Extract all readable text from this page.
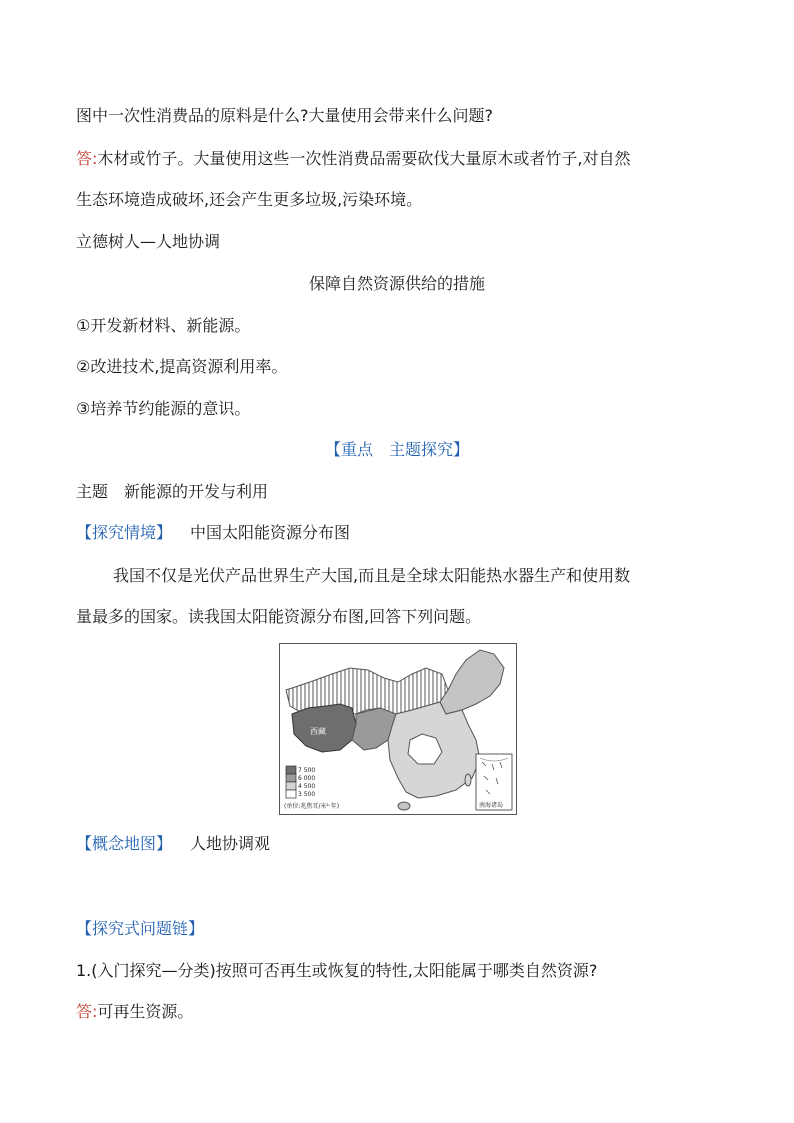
图中一次性消费品的原料是什么?大量使用会带来什么问题?
答:木材或竹子。大量使用这些一次性消费品需要砍伐大量原木或者竹子,对自然
生态环境造成破坏,还会产生更多垃圾,污染环境。
立德树人—人地协调
保障自然资源供给的措施
①开发新材料、新能源。
②改进技术,提高资源利用率。
③培养节约能源的意识。
【重点　主题探究】
主题　新能源的开发与利用
【探究情境】 中国太阳能资源分布图
我国不仅是光伏产品世界生产大国,而且是全球太阳能热水器生产和使用数
量最多的国家。读我国太阳能资源分布图,回答下列问题。
西藏
7 500
6 000
4 500
3 500
(单位:兆焦耳/米²·年)	南海诸岛
【概念地图】 人地协调观
【探究式问题链】
1.(入门探究—分类)按照可否再生或恢复的特性,太阳能属于哪类自然资源?
答:可再生资源。
